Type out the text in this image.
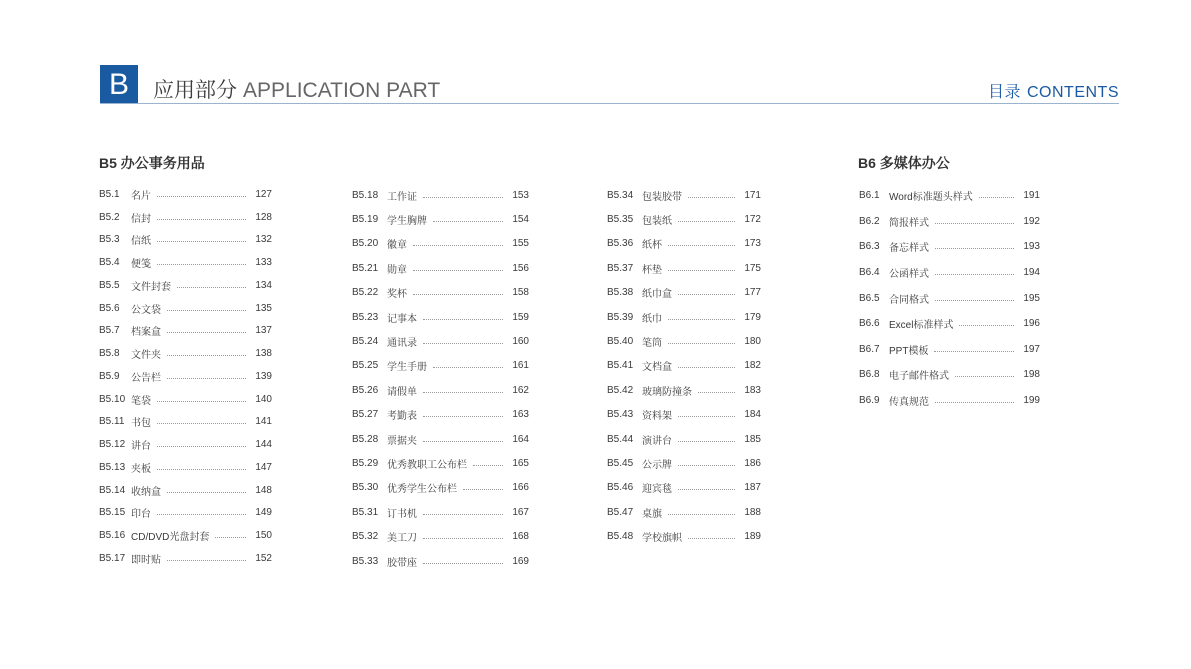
B	应用部分 APPLICATION PART	目录 CONTENTS
B5 办公事务用品	B6 多媒体办公
B5.1	名片	127
B5.2	信封	128
B5.3	信纸	132
B5.4	便笺	133
B5.5	文件封套	134
B5.6	公文袋	135
B5.7	档案盒	137
B5.8	文件夹	138
B5.9	公告栏	139
B5.10 笔袋	140
B5.11 书包	141
B5.12 讲台	144
B5.13 夹板	147
B5.14 收纳盒	148
B5.15 印台	149
B5.16 CD/DVD光盘封套	150
B5.17 即时贴	152
B5.18 工作证	153
B5.19 学生胸牌	154
B5.20 徽章	155
B5.21 勋章	156
B5.22 奖杯	158
B5.23 记事本	159
B5.24 通讯录	160
B5.25 学生手册	161
B5.26 请假单	162
B5.27 考勤表	163
B5.28 票据夹	164
B5.29 优秀教职工公布栏	165
B5.30 优秀学生公布栏	166
B5.31 订书机	167
B5.32 美工刀	168
B5.33 胶带座	169
B5.34 包装胶带	171
B5.35 包装纸	172
B5.36 纸杯	173
B5.37 杯垫	175
B5.38 纸巾盒	177
B5.39 纸巾	179
B5.40 笔筒	180
B5.41 文档盒	182
B5.42 玻璃防撞条	183
B5.43 资料架	184
B5.44 演讲台	185
B5.45 公示牌	186
B5.46 迎宾毯	187
B5.47 桌旗	188
B5.48 学校旗帜	189
B6.1 Word标准题头样式	191
B6.2 简报样式	192
B6.3 备忘样式	193
B6.4 公函样式	194
B6.5 合同格式	195
B6.6 Excel标准样式	196
B6.7 PPT模板	197
B6.8 电子邮件格式	198
B6.9 传真规范	199
